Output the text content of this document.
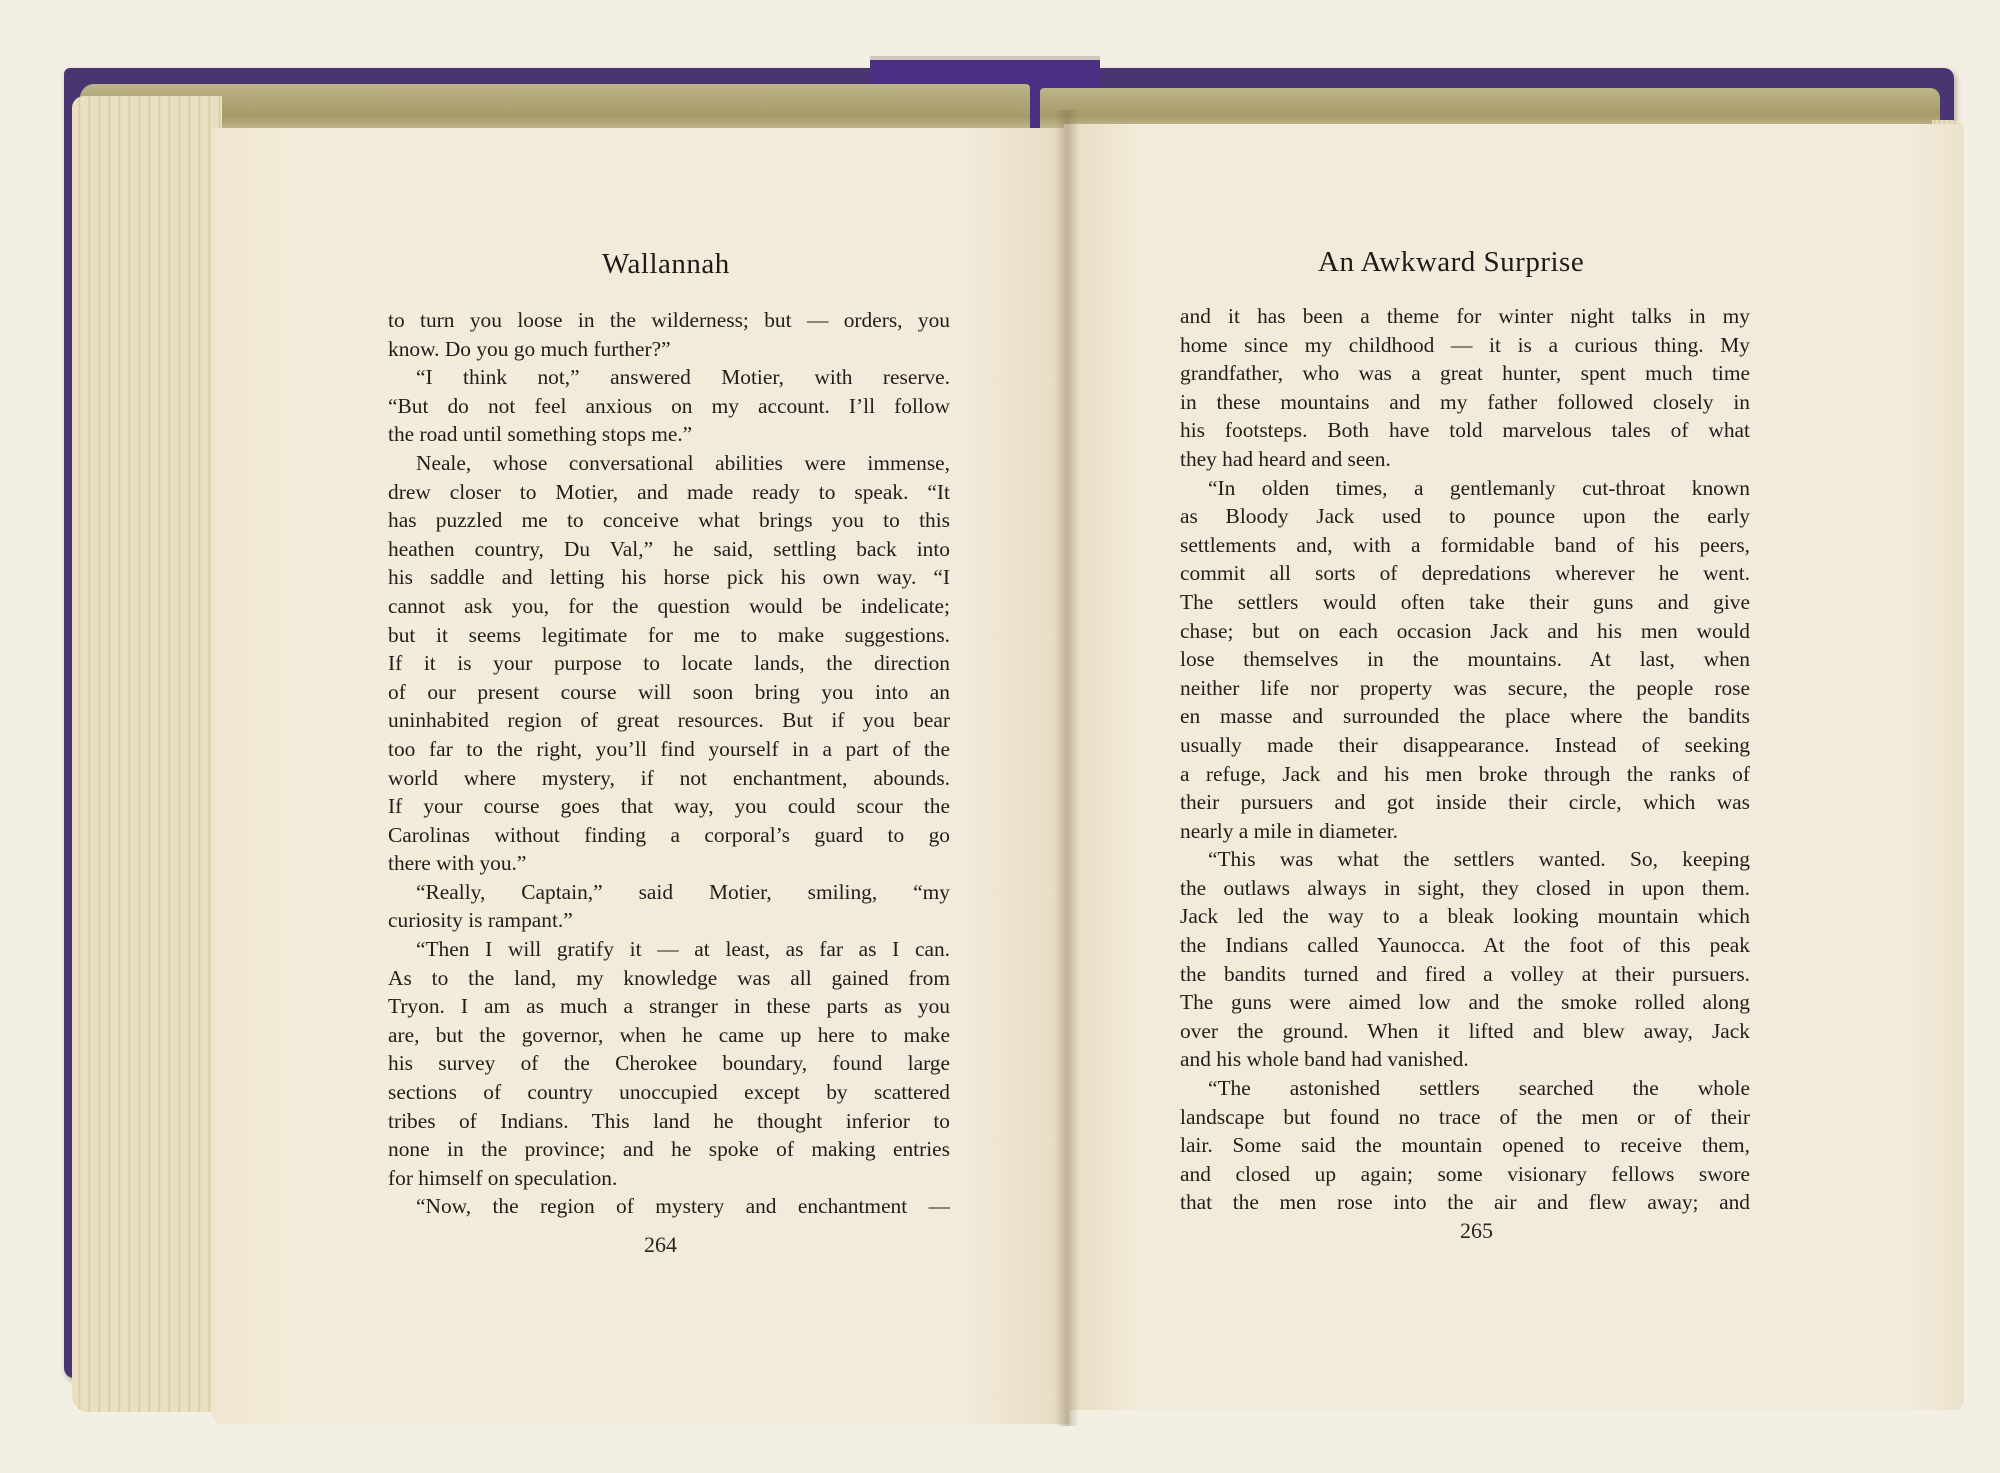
Wallannah
to turn you loose in the wilderness; but — orders, you
know. Do you go much further?”
“I think not,” answered Motier, with reserve.
“But do not feel anxious on my account. I’ll follow
the road until something stops me.”
Neale, whose conversational abilities were immense,
drew closer to Motier, and made ready to speak. “It
has puzzled me to conceive what brings you to this
heathen country, Du Val,” he said, settling back into
his saddle and letting his horse pick his own way. “I
cannot ask you, for the question would be indelicate;
but it seems legitimate for me to make suggestions.
If it is your purpose to locate lands, the direction
of our present course will soon bring you into an
uninhabited region of great resources. But if you bear
too far to the right, you’ll find yourself in a part of the
world where mystery, if not enchantment, abounds.
If your course goes that way, you could scour the
Carolinas without finding a corporal’s guard to go
there with you.”
“Really, Captain,” said Motier, smiling, “my
curiosity is rampant.”
“Then I will gratify it — at least, as far as I can.
As to the land, my knowledge was all gained from
Tryon. I am as much a stranger in these parts as you
are, but the governor, when he came up here to make
his survey of the Cherokee boundary, found large
sections of country unoccupied except by scattered
tribes of Indians. This land he thought inferior to
none in the province; and he spoke of making entries
for himself on speculation.
“Now, the region of mystery and enchantment —
264
An Awkward Surprise
and it has been a theme for winter night talks in my
home since my childhood — it is a curious thing. My
grandfather, who was a great hunter, spent much time
in these mountains and my father followed closely in
his footsteps. Both have told marvelous tales of what
they had heard and seen.
“In olden times, a gentlemanly cut-throat known
as Bloody Jack used to pounce upon the early
settlements and, with a formidable band of his peers,
commit all sorts of depredations wherever he went.
The settlers would often take their guns and give
chase; but on each occasion Jack and his men would
lose themselves in the mountains. At last, when
neither life nor property was secure, the people rose
en masse and surrounded the place where the bandits
usually made their disappearance. Instead of seeking
a refuge, Jack and his men broke through the ranks of
their pursuers and got inside their circle, which was
nearly a mile in diameter.
“This was what the settlers wanted. So, keeping
the outlaws always in sight, they closed in upon them.
Jack led the way to a bleak looking mountain which
the Indians called Yaunocca. At the foot of this peak
the bandits turned and fired a volley at their pursuers.
The guns were aimed low and the smoke rolled along
over the ground. When it lifted and blew away, Jack
and his whole band had vanished.
“The astonished settlers searched the whole
landscape but found no trace of the men or of their
lair. Some said the mountain opened to receive them,
and closed up again; some visionary fellows swore
that the men rose into the air and flew away; and
265
